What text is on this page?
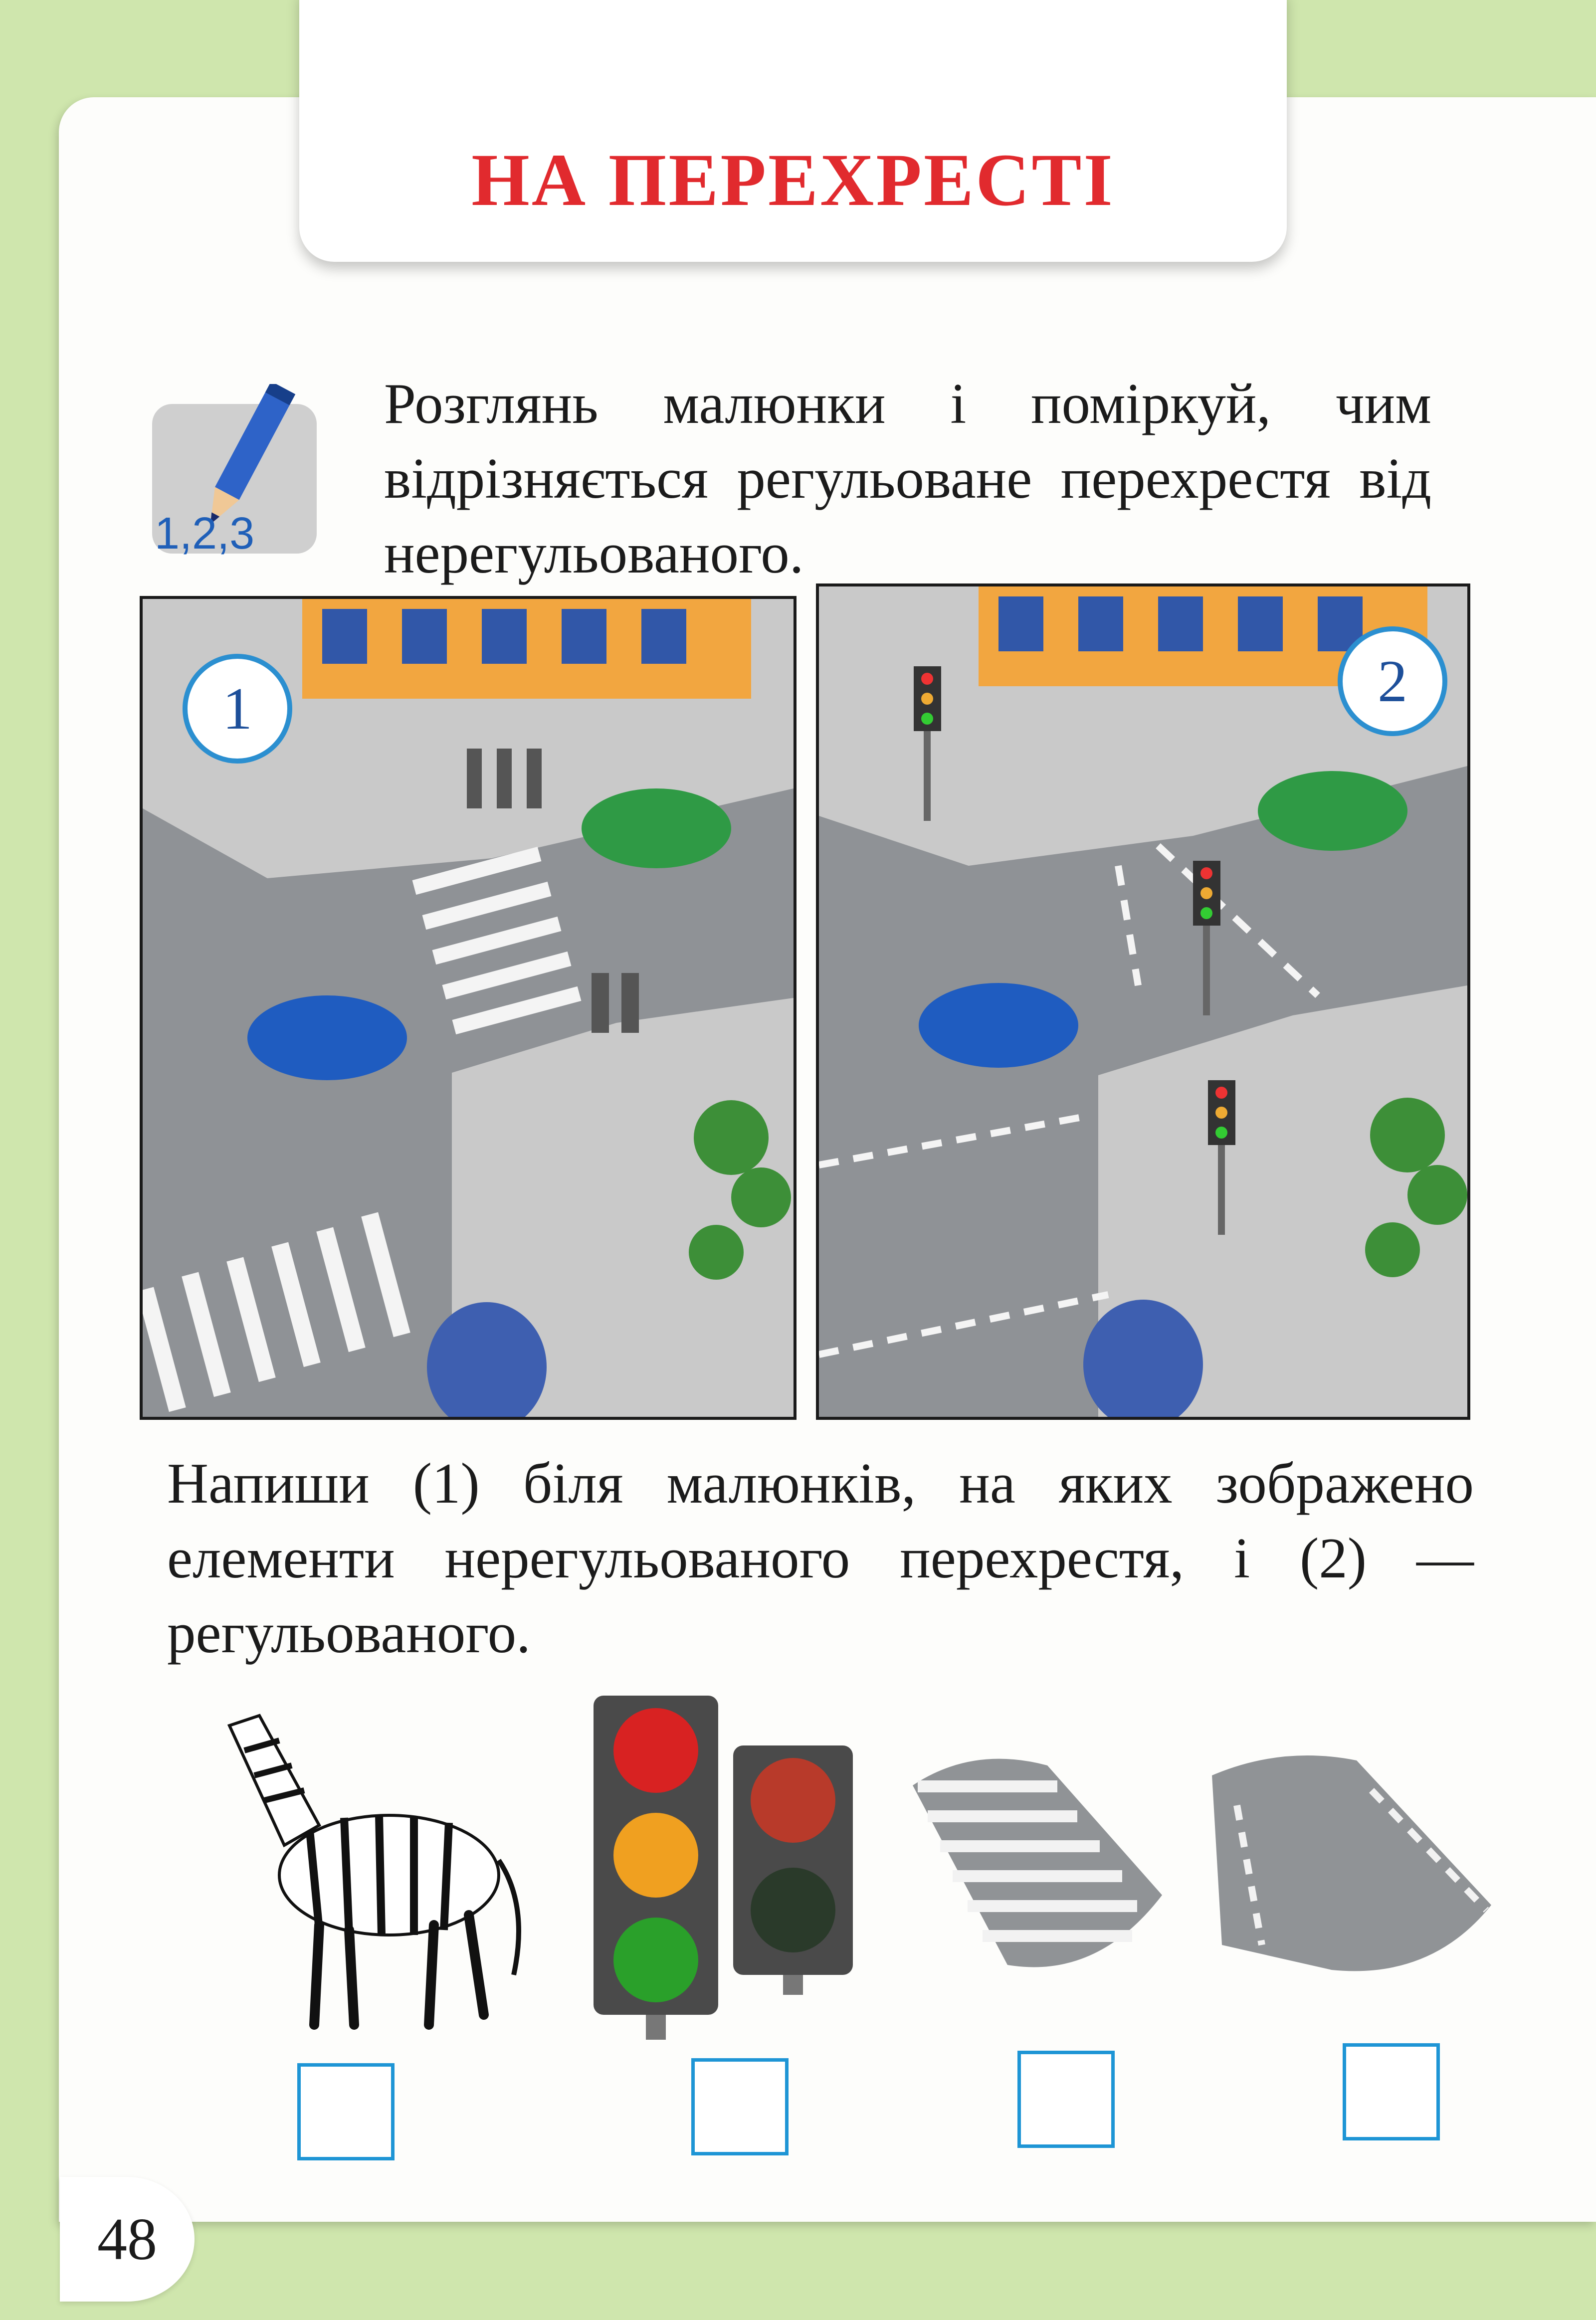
НА ПЕРЕХРЕСТІ
1,2,3

Розглянь малюнки і поміркуй, чим відрізняється регульоване перехрестя від нерегульованого.

1	2

Напиши (1) біля малюнків, на яких зображено елементи нерегульованого перехрестя, і (2) — регульованого.

48
